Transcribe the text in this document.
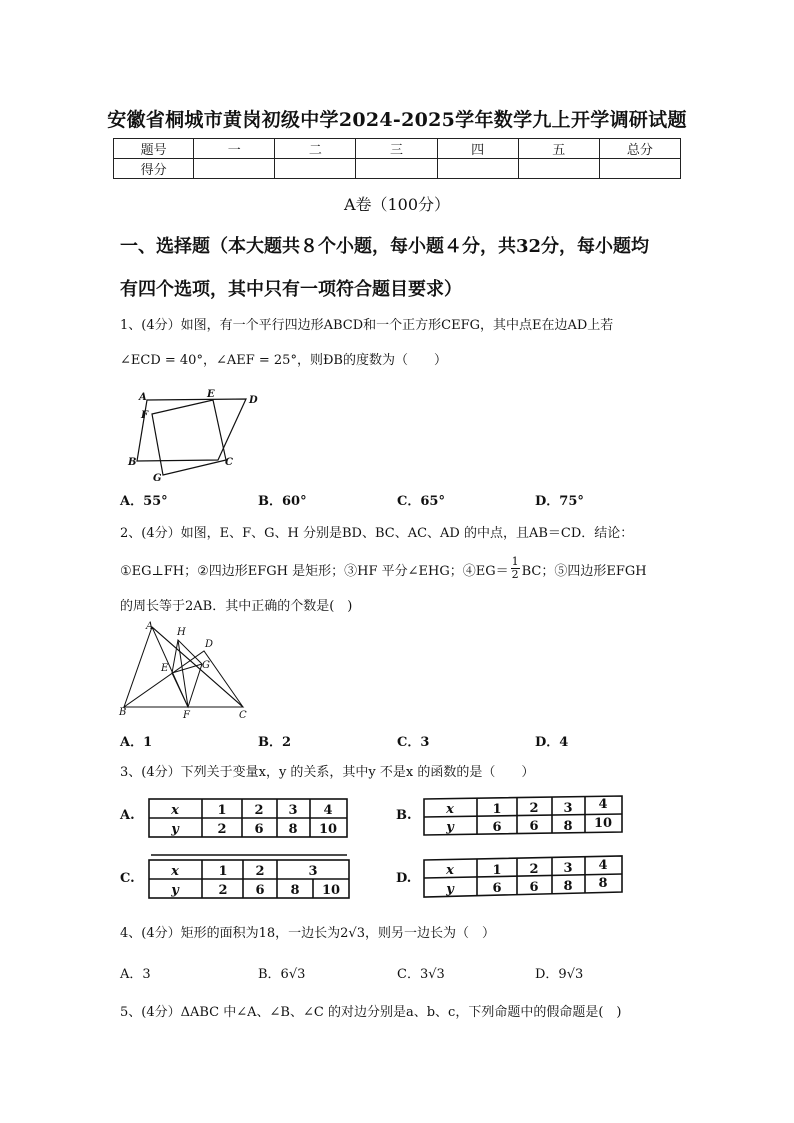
安徽省桐城市黄岗初级中学2024-2025学年数学九上开学调研试题
题号	一	二	三	四	五	总分
得分						
A卷（100分）
一、选择题（本大题共８个小题，每小题４分，共32分，每小题均
有四个选项，其中只有一项符合题目要求）
1、(4分）如图，有一个平行四边形ABCD和一个正方形CEFG，其中点E在边AD上若
∠ECD = 40°，∠AEF = 25°，则ÐB的度数为（　　）
A	E
D
F
B	C
G
A．55°	B．60°	C．65°	D．75°
2、(4分）如图，E、F、G、H 分别是BD、BC、AC、AD 的中点，且AB＝CD．结论：
①EG⊥FH；②四边形EFGH 是矩形；③HF 平分∠EHG；④EG＝ $\frac{1}{2}$ BC；⑤四边形EFGH
的周长等于2AB．其中正确的个数是(　)
A
H
D
E	G
B	F	C
A．1	B．2	C．3	D．4
3、(4分）下列关于变量x，y 的关系，其中y 不是x 的函数的是（　　）
A.	x	1 2 3 4
y	2 6 8 10
B.	x	1 2 3 4
y	6 6 8 10
C.	x	1 2	3
y	2 6 8 10
D.
x	1 2 3 4
y	6 6 8 8
4、(4分）矩形的面积为18，一边长为2√3，则另一边长为（　）
A．3	B．6√3	C．3√3	D．9√3
5、(4分）ΔABC 中∠A、∠B、∠C 的对边分别是a、b、c，下列命题中的假命题是(　)
